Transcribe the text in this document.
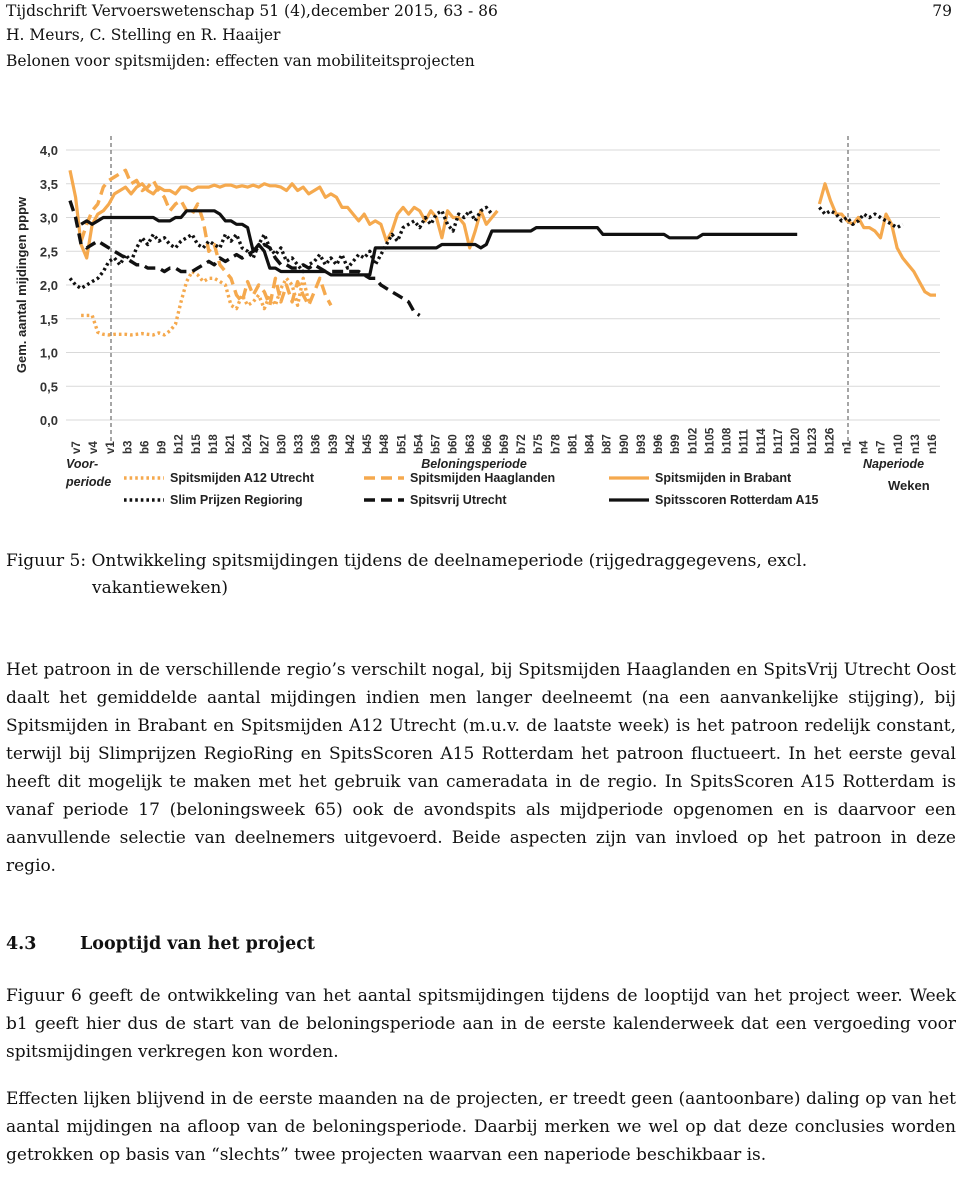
Tijdschrift Vervoerswetenschap 51 (4),december 2015, 63 - 86
H. Meurs, C. Stelling en R. Haaijer
Belonen voor spitsmijden: effecten van mobiliteitsprojecten
79
4,0
3,5
3,0
2,5
2,0
1,5
1,0
0,5
0,0
Gem. aantal mijdingen pppw
v7 v4 v1 b3 b6 b9 b12 b15 b18 b21 b24 b27 b30 b33 b36 b39 b42 b45 b48 b51 b54 b57 b60 b63 b66 b69 b72 b75 b78 b81 b84 b87 b90 b93 b96 b99 b102 b105 b108 b111 b114 b117 b120 b123 b126 n1 n4 n7 n10 n13 n16
Voor-
periode
Beloningsperiode	Naperiode
Weken
Spitsmijden A12 Utrecht	Spitsmijden Haaglanden	Spitsmijden in Brabant
Slim Prijzen Regioring	Spitsvrij Utrecht	Spitsscoren Rotterdam A15
Figuur 5: Ontwikkeling spitsmijdingen tijdens de deelnameperiode (rijgedraggegevens, excl.
vakantieweken)

Het patroon in de verschillende regio’s verschilt nogal, bij Spitsmijden Haaglanden en SpitsVrij Utrecht Oost daalt het gemiddelde aantal mijdingen indien men langer deelneemt (na een aanvankelijke stijging), bij Spitsmijden in Brabant en Spitsmijden A12 Utrecht (m.u.v. de laatste week) is het patroon redelijk constant, terwijl bij Slimprijzen RegioRing en SpitsScoren A15 Rotterdam het patroon fluctueert. In het eerste geval heeft dit mogelijk te maken met het gebruik van cameradata in de regio. In SpitsScoren A15 Rotterdam is vanaf periode 17 (beloningsweek 65) ook de avondspits als mijdperiode opgenomen en is daarvoor een aanvullende selectie van deelnemers uitgevoerd. Beide aspecten zijn van invloed op het patroon in deze regio.

4.3 Looptijd van het project

Figuur 6 geeft de ontwikkeling van het aantal spitsmijdingen tijdens de looptijd van het project weer. Week b1 geeft hier dus de start van de beloningsperiode aan in de eerste kalenderweek dat een vergoeding voor spitsmijdingen verkregen kon worden.

Effecten lijken blijvend in de eerste maanden na de projecten, er treedt geen (aantoonbare) daling op van het aantal mijdingen na afloop van de beloningsperiode. Daarbij merken we wel op dat deze conclusies worden getrokken op basis van “slechts” twee projecten waarvan een naperiode beschikbaar is.
